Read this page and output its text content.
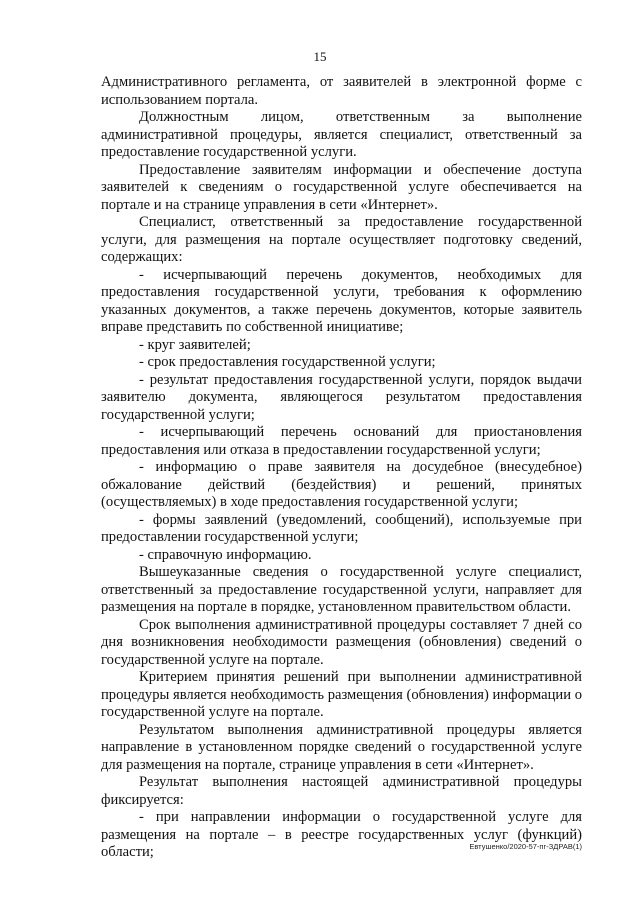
15

Административного регламента, от заявителей в электронной форме с использованием портала.

Должностным лицом, ответственным за выполнение административной процедуры, является специалист, ответственный за предоставление государственной услуги.

Предоставление заявителям информации и обеспечение доступа заявителей к сведениям о государственной услуге обеспечивается на портале и на странице управления в сети «Интернет».

Специалист, ответственный за предоставление государственной услуги, для размещения на портале осуществляет подготовку сведений, содержащих:

- исчерпывающий перечень документов, необходимых для предоставления государственной услуги, требования к оформлению указанных документов, а также перечень документов, которые заявитель вправе представить по собственной инициативе;

- круг заявителей;

- срок предоставления государственной услуги;

- результат предоставления государственной услуги, порядок выдачи заявителю документа, являющегося результатом предоставления государственной услуги;

- исчерпывающий перечень оснований для приостановления предоставления или отказа в предоставлении государственной услуги;

- информацию о праве заявителя на досудебное (внесудебное) обжалование действий (бездействия) и решений, принятых (осуществляемых) в ходе предоставления государственной услуги;

- формы заявлений (уведомлений, сообщений), используемые при предоставлении государственной услуги;

- справочную информацию.

Вышеуказанные сведения о государственной услуге специалист, ответственный за предоставление государственной услуги, направляет для размещения на портале в порядке, установленном правительством области.

Срок выполнения административной процедуры составляет 7 дней со дня возникновения необходимости размещения (обновления) сведений о государственной услуге на портале.

Критерием принятия решений при выполнении административной процедуры является необходимость размещения (обновления) информации о государственной услуге на портале.

Результатом выполнения административной процедуры является направление в установленном порядке сведений о государственной услуге для размещения на портале, странице управления в сети «Интернет».

Результат выполнения настоящей административной процедуры фиксируется:

- при направлении информации о государственной услуге для размещения на портале – в реестре государственных услуг (функций) области;	Евтушенко/2020-57-пг-ЗДРАВ(1)
